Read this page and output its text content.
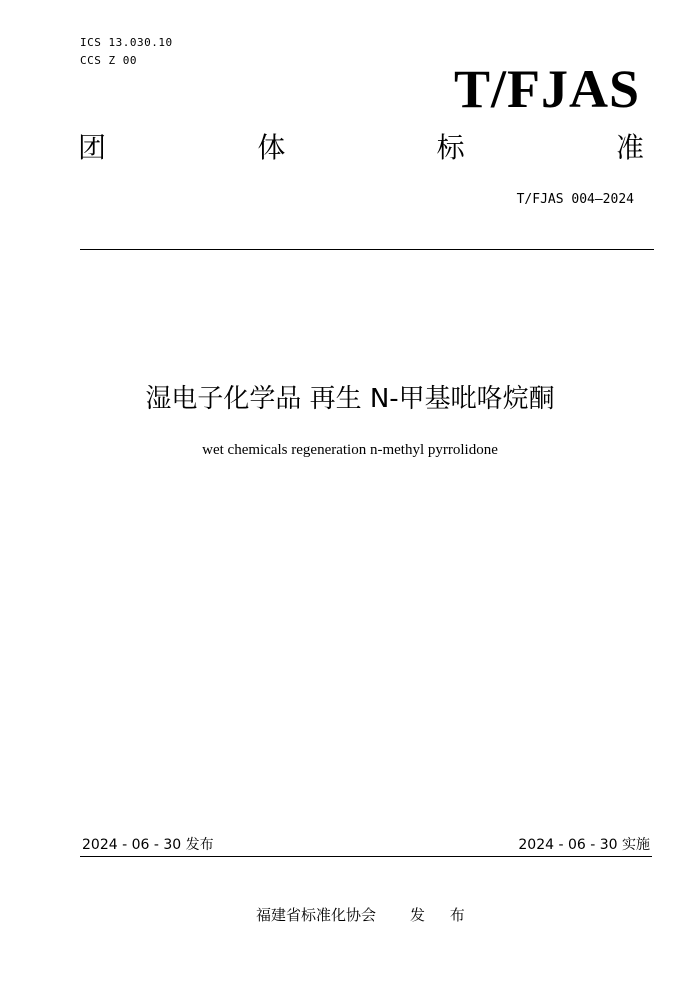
ICS 13.030.10
CCS Z 00	T/FJAS
团	体	标	准
T/FJAS 004—2024
湿电子化学品 再生 N-甲基吡咯烷酮
wet chemicals regeneration n-methyl pyrrolidone
2024 - 06 - 30 发布	2024 - 06 - 30 实施
福建省标准化协会 发 布
